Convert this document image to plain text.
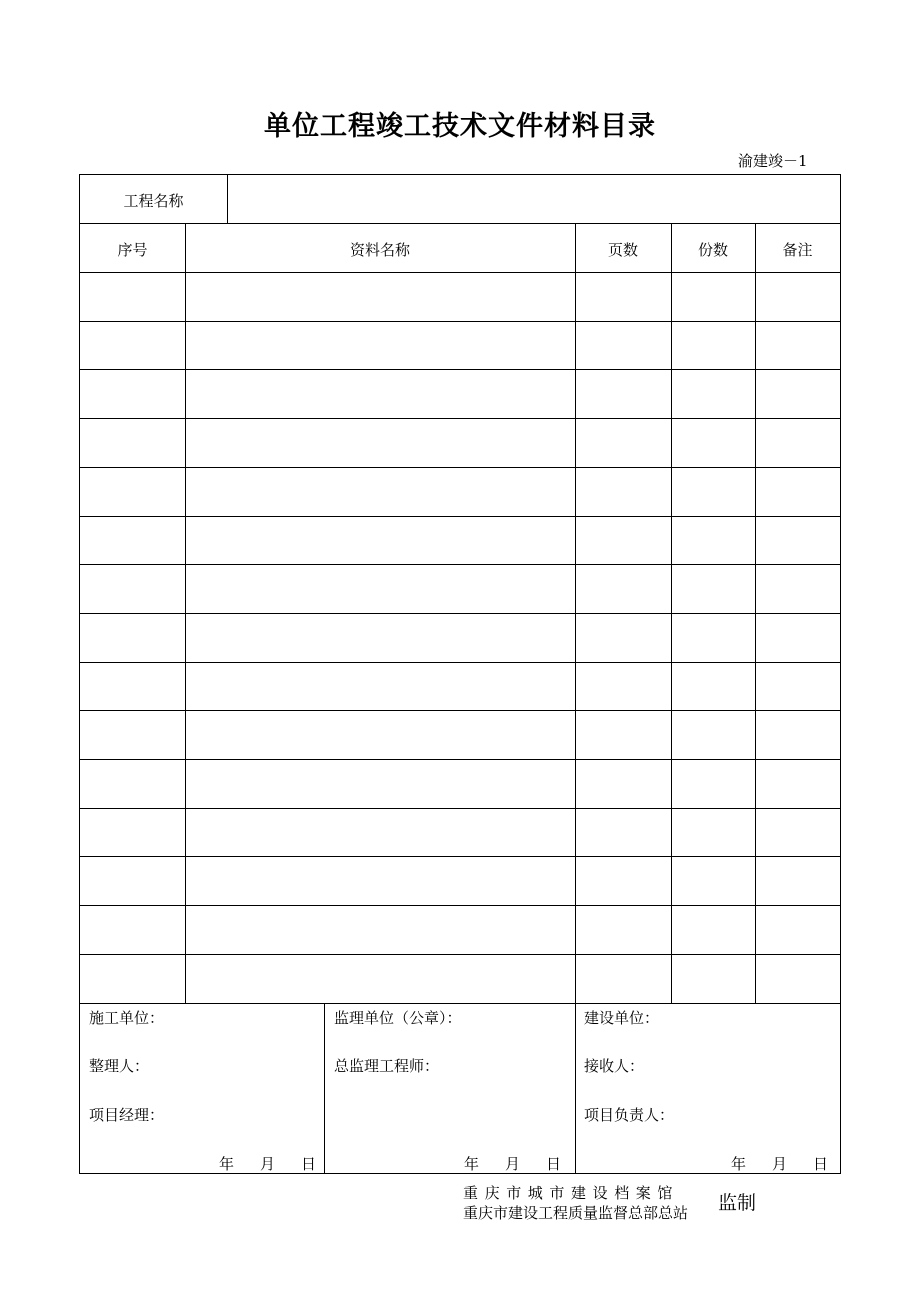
单位工程竣工技术文件材料目录
渝建竣－1
工程名称
序号	资料名称	页数	份数	备注
施工单位：
整理人：
项目经理：
监理单位（公章）：
总监理工程师：
建设单位：
接收人：
项目负责人：
年 月 日	年 月 日	年 月 日
重庆市城市建设档案馆
重庆市建设工程质量监督总部总站 监制
